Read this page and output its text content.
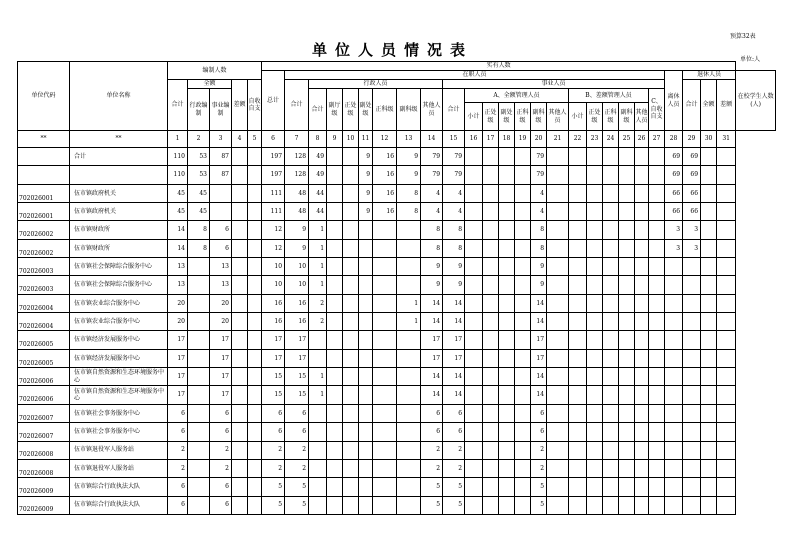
预算32表
单位人员情况表
单位:人
单位代码	单位名称	编制人数					实有人数																										
							总计	在职人员																					离休人员	退休人员			在校学生人数(人)
		合计	全额		差额	自收自支		合计	行政人员							事业人员														合计	全额	差额	
			行政编制	事业编制					合计	副厅级	正处级	副处级	正科级	副科级	其他人员	合计	A、全额管理人员						B、差额管理人员					C、自收自支					
																	小计	正处级	副处级	正科级	副科级	其他人员	小计	正处级	正科级	副科级	其他人员						
**	**	1	2	3	4	5	6	7	8	9	10	11	12	13	14	15	16	17	18	19	20	21	22	23	24	25	26	27	28	29	30	31	
	合计	110	53	87			197	128	49			9	16	9	79	79					79								69	69			
		110	53	87			197	128	49			9	16	9	79	79					79								69	69			
702026001	伍市镇政府机关	45	45				111	48	44			9	16	8	4	4					4								66	66			
702026001	伍市镇政府机关	45	45				111	48	44			9	16	8	4	4					4								66	66			
702026002	伍市镇财政所	14	8	6			12	9	1						8	8					8								3	3			
702026002	伍市镇财政所	14	8	6			12	9	1						8	8					8								3	3			
702026003	伍市镇社会保障综合服务中心	13		13			10	10	1						9	9					9												
702026003	伍市镇社会保障综合服务中心	13		13			10	10	1						9	9					9												
702026004	伍市镇农业综合服务中心	20		20			16	16	2					1	14	14					14												
702026004	伍市镇农业综合服务中心	20		20			16	16	2					1	14	14					14												
702026005	伍市镇经济发展服务中心	17		17			17	17							17	17					17												
702026005	伍市镇经济发展服务中心	17		17			17	17							17	17					17												
702026006	伍市镇自然资源和生态环境服务中心	17		17			15	15	1						14	14					14												
702026006	伍市镇自然资源和生态环境服务中心	17		17			15	15	1						14	14					14												
702026007	伍市镇社会事务服务中心	6		6			6	6							6	6					6												
702026007	伍市镇社会事务服务中心	6		6			6	6							6	6					6												
702026008	伍市镇退役军人服务站	2		2			2	2							2	2					2												
702026008	伍市镇退役军人服务站	2		2			2	2							2	2					2												
702026009	伍市镇综合行政执法大队	6		6			5	5							5	5					5												
702026009	伍市镇综合行政执法大队	6		6			5	5							5	5					5												
